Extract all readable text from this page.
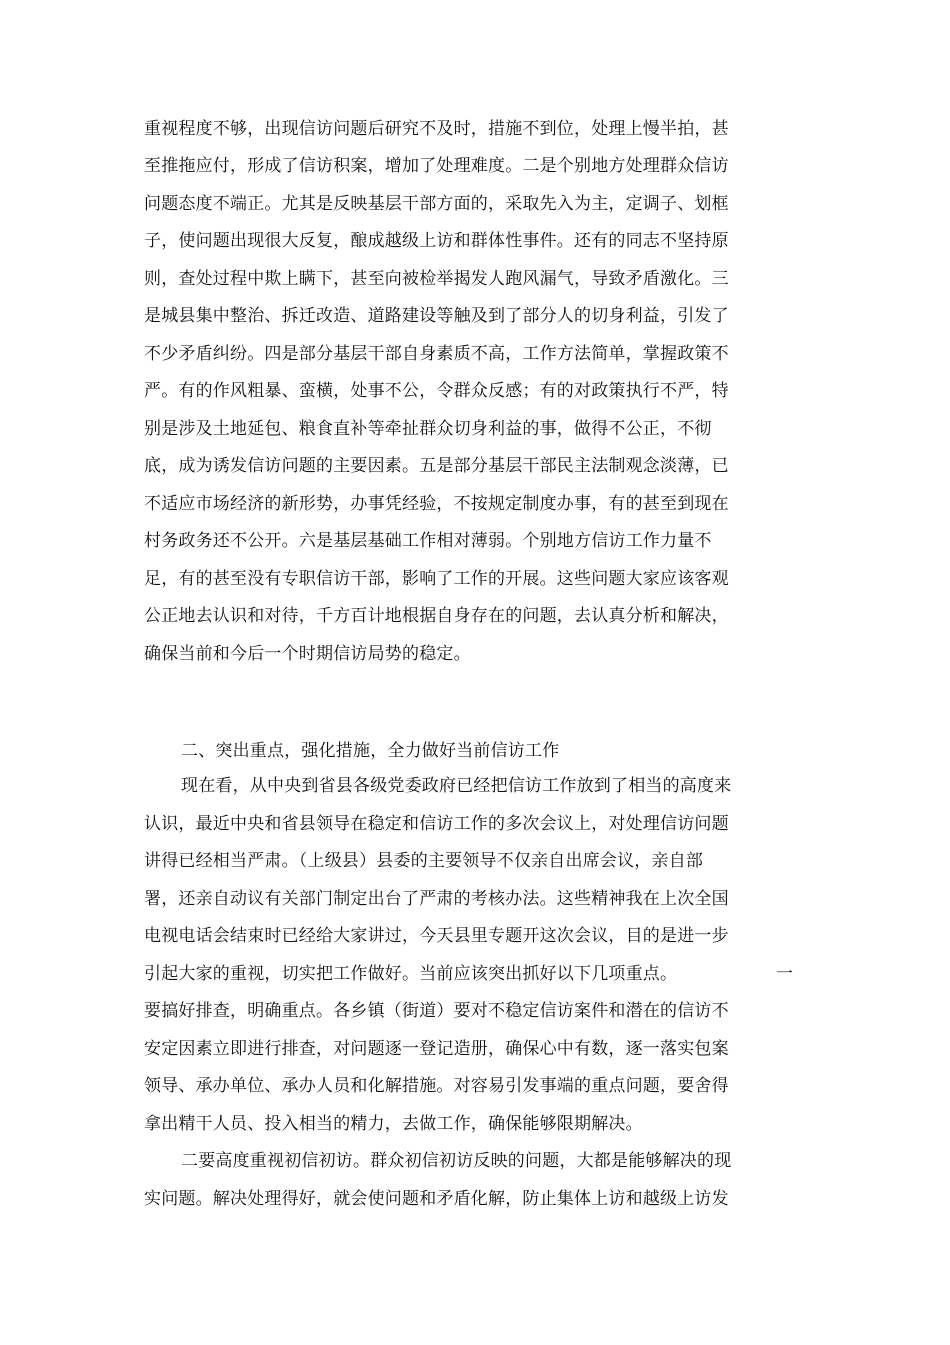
重视程度不够，出现信访问题后研究不及时，措施不到位，处理上慢半拍，甚
至推拖应付，形成了信访积案，增加了处理难度。二是个别地方处理群众信访
问题态度不端正。尤其是反映基层干部方面的，采取先入为主，定调子、划框
子，使问题出现很大反复，酿成越级上访和群体性事件。还有的同志不坚持原
则，查处过程中欺上瞒下，甚至向被检举揭发人跑风漏气，导致矛盾激化。三
是城县集中整治、拆迁改造、道路建设等触及到了部分人的切身利益，引发了
不少矛盾纠纷。四是部分基层干部自身素质不高，工作方法简单，掌握政策不
严。有的作风粗暴、蛮横，处事不公，令群众反感；有的对政策执行不严，特
别是涉及土地延包、粮食直补等牵扯群众切身利益的事，做得不公正，不彻
底，成为诱发信访问题的主要因素。五是部分基层干部民主法制观念淡薄，已
不适应市场经济的新形势，办事凭经验，不按规定制度办事，有的甚至到现在
村务政务还不公开。六是基层基础工作相对薄弱。个别地方信访工作力量不
足，有的甚至没有专职信访干部，影响了工作的开展。这些问题大家应该客观
公正地去认识和对待，千方百计地根据自身存在的问题，去认真分析和解决，
确保当前和今后一个时期信访局势的稳定。
二、突出重点，强化措施，全力做好当前信访工作
现在看，从中央到省县各级党委政府已经把信访工作放到了相当的高度来
认识，最近中央和省县领导在稳定和信访工作的多次会议上，对处理信访问题
讲得已经相当严肃。（上级县）县委的主要领导不仅亲自出席会议，亲自部
署，还亲自动议有关部门制定出台了严肃的考核办法。这些精神我在上次全国
电视电话会结束时已经给大家讲过，今天县里专题开这次会议，目的是进一步
引起大家的重视，切实把工作做好。当前应该突出抓好以下几项重点。	一
要搞好排查，明确重点。各乡镇（街道）要对不稳定信访案件和潜在的信访不
安定因素立即进行排查，对问题逐一登记造册，确保心中有数，逐一落实包案
领导、承办单位、承办人员和化解措施。对容易引发事端的重点问题，要舍得
拿出精干人员、投入相当的精力，去做工作，确保能够限期解决。
二要高度重视初信初访。群众初信初访反映的问题，大都是能够解决的现
实问题。解决处理得好，就会使问题和矛盾化解，防止集体上访和越级上访发
